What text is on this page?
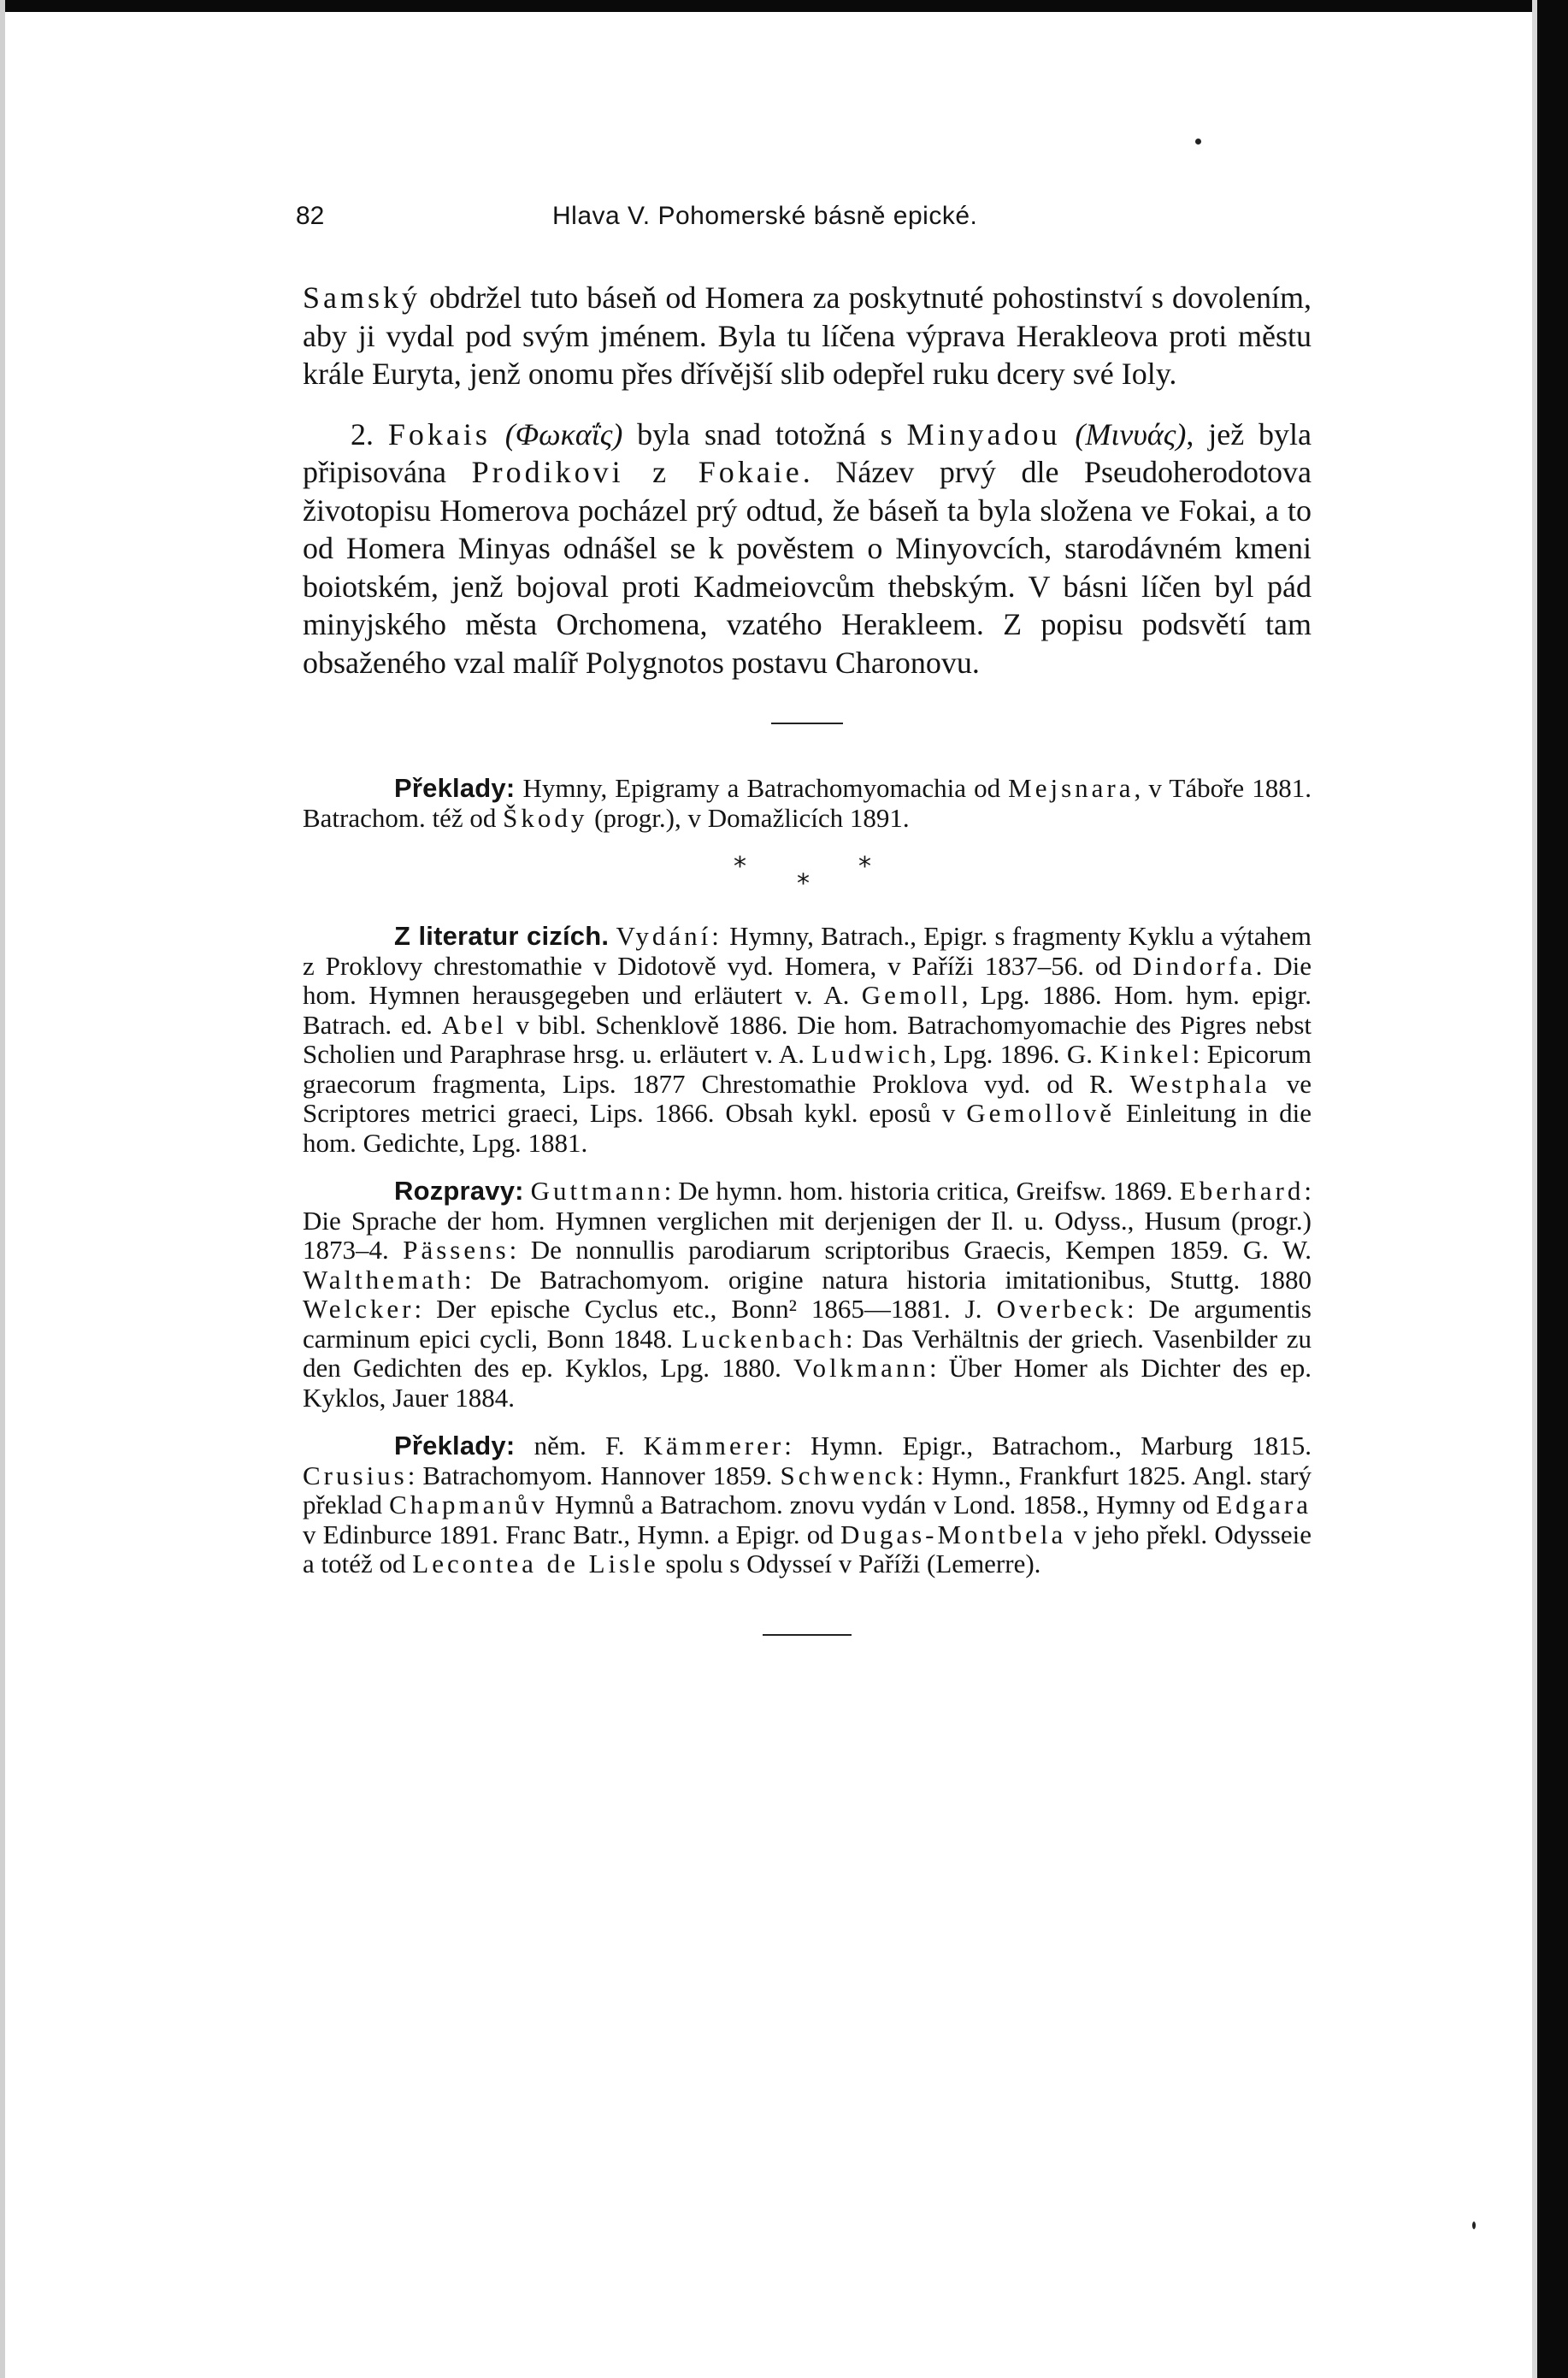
82	Hlava V. Pohomerské básně epické.

Samský obdržel tuto báseň od Homera za poskytnuté pohostinství s dovolením, aby ji vydal pod svým jménem. Byla tu líčena výprava Herakleova proti městu krále Euryta, jenž onomu přes dřívější slib odepřel ruku dcery své Ioly.

2. Fokais (Φωκαΐς) byla snad totožná s Minyadou (Μινυάς), jež byla připisována Prodikovi z Fokaie. Název prvý dle Pseudoherodotova životopisu Homerova pocházel prý odtud, že báseň ta byla složena ve Fokai, a to od Homera Minyas odnášel se k pověstem o Minyovcích, starodávném kmeni boiotském, jenž bojoval proti Kadmeiovcům thebským. V básni líčen byl pád minyjského města Orchomena, vzatého Herakleem. Z popisu podsvětí tam obsaženého vzal malíř Polygnotos postavu Charonovu.

Překlady: Hymny, Epigramy a Batrachomyomachia od Mejsnara, v Táboře 1881. Batrachom. též od Škody (progr.), v Domažlicích 1891.

*
*
*

Z literatur cizích. Vydání: Hymny, Batrach., Epigr. s fragmenty Kyklu a výtahem z Proklovy chrestomathie v Didotově vyd. Homera, v Paříži 1837–56. od Dindorfa. Die hom. Hymnen herausgegeben und erläutert v. A. Gemoll, Lpg. 1886. Hom. hym. epigr. Batrach. ed. Abel v bibl. Schenklově 1886. Die hom. Batrachomyomachie des Pigres nebst Scholien und Paraphrase hrsg. u. erläutert v. A. Ludwich, Lpg. 1896. G. Kinkel: Epicorum graecorum fragmenta, Lips. 1877 Chrestomathie Proklova vyd. od R. Westphala ve Scriptores metrici graeci, Lips. 1866. Obsah kykl. eposů v Gemollově Einleitung in die hom. Gedichte, Lpg. 1881.

Rozpravy: Guttmann: De hymn. hom. historia critica, Greifsw. 1869. Eberhard: Die Sprache der hom. Hymnen verglichen mit derjenigen der Il. u. Odyss., Husum (progr.) 1873–4. Pässens: De nonnullis parodiarum scriptoribus Graecis, Kempen 1859. G. W. Walthemath: De Batrachomyom. origine natura historia imitationibus, Stuttg. 1880 Welcker: Der epische Cyclus etc., Bonn² 1865—1881. J. Overbeck: De argumentis carminum epici cycli, Bonn 1848. Luckenbach: Das Verhältnis der griech. Vasenbilder zu den Gedichten des ep. Kyklos, Lpg. 1880. Volkmann: Über Homer als Dichter des ep. Kyklos, Jauer 1884.

Překlady: něm. F. Kämmerer: Hymn. Epigr., Batrachom., Marburg 1815. Crusius: Batrachomyom. Hannover 1859. Schwenck: Hymn., Frankfurt 1825. Angl. starý překlad Chapmanův Hymnů a Batrachom. znovu vydán v Lond. 1858., Hymny od Edgara v Edinburce 1891. Franc Batr., Hymn. a Epigr. od Dugas-Montbela v jeho překl. Odysseie a totéž od Lecontea de Lisle spolu s Odysseí v Paříži (Lemerre).
